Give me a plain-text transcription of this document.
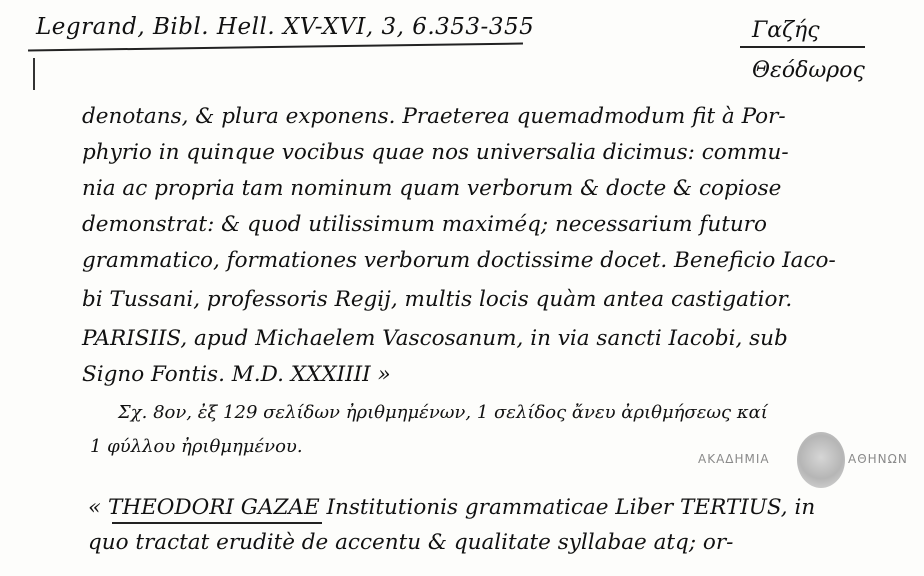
Legrand, Bibl. Hell. XV-XVI, 3, 6.353-355	Γαζής
Θεόδωρος
denotans, & plura exponens. Praeterea quemadmodum fit à Por-
phyrio in quinque vocibus quae nos universalia dicimus: commu-
nia ac propria tam nominum quam verborum & docte & copiose
demonstrat: & quod utilissimum maximéq; necessarium futuro
grammatico, formationes verborum doctissime docet. Beneficio Iaco-
bi Tussani, professoris Regij, multis locis quàm antea castigatior.
PARISIIS, apud Michaelem Vascosanum, in via sancti Iacobi, sub
Signo Fontis. M.D. XXXIIII »
Σχ. 8ον, ἐξ 129 σελίδων ἠριθμημένων, 1 σελίδος ἄνευ ἀριθμήσεως καί
1 φύλλου ἠριθμημένου.
ΑΚΑΔΗΜΙΑ	ΑΘΗΝΩΝ
« THEODORI GAZAE Institutionis grammaticae Liber TERTIUS, in
quo tractat eruditè de accentu & qualitate syllabae atq; or-
